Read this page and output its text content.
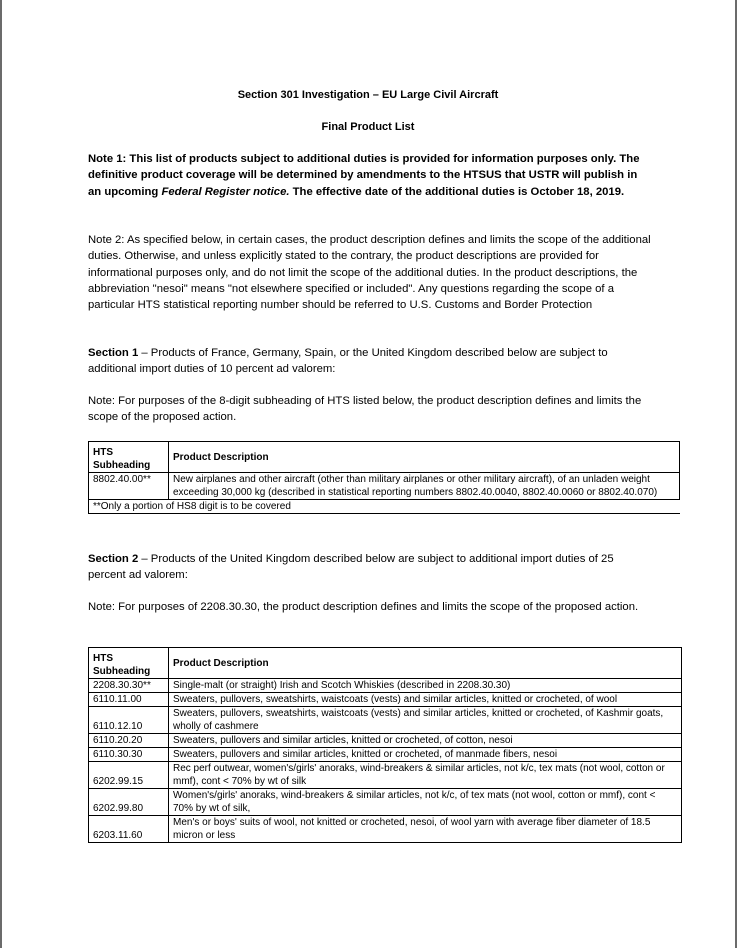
Section 301 Investigation – EU Large Civil Aircraft
Final Product List

Note 1: This list of products subject to additional duties is provided for information purposes only. The definitive product coverage will be determined by amendments to the HTSUS that USTR will publish in an upcoming Federal Register notice. The effective date of the additional duties is October 18, 2019.

Note 2: As specified below, in certain cases, the product description defines and limits the scope of the additional duties. Otherwise, and unless explicitly stated to the contrary, the product descriptions are provided for informational purposes only, and do not limit the scope of the additional duties. In the product descriptions, the abbreviation "nesoi" means "not elsewhere specified or included". Any questions regarding the scope of a particular HTS statistical reporting number should be referred to U.S. Customs and Border Protection

Section 1 – Products of France, Germany, Spain, or the United Kingdom described below are subject to additional import duties of 10 percent ad valorem:

Note: For purposes of the 8-digit subheading of HTS listed below, the product description defines and limits the scope of the proposed action.

HTS Subheading	Product Description
8802.40.00**	New airplanes and other aircraft (other than military airplanes or other military aircraft), of an unladen weight exceeding 30,000 kg (described in statistical reporting numbers 8802.40.0040, 8802.40.0060 or 8802.40.070)
**Only a portion of HS8 digit is to be covered	

Section 2 – Products of the United Kingdom described below are subject to additional import duties of 25 percent ad valorem:

Note: For purposes of 2208.30.30, the product description defines and limits the scope of the proposed action.

HTS Subheading	Product Description
2208.30.30**	Single-malt (or straight) Irish and Scotch Whiskies (described in 2208.30.30)
6110.11.00	Sweaters, pullovers, sweatshirts, waistcoats (vests) and similar articles, knitted or crocheted, of wool
6110.12.10	Sweaters, pullovers, sweatshirts, waistcoats (vests) and similar articles, knitted or crocheted, of Kashmir goats, wholly of cashmere
6110.20.20	Sweaters, pullovers and similar articles, knitted or crocheted, of cotton, nesoi
6110.30.30	Sweaters, pullovers and similar articles, knitted or crocheted, of manmade fibers, nesoi
6202.99.15	Rec perf outwear, women's/girls' anoraks, wind-breakers & similar articles, not k/c, tex mats (not wool, cotton or mmf), cont < 70% by wt of silk
6202.99.80	Women's/girls' anoraks, wind-breakers & similar articles, not k/c, of tex mats (not wool, cotton or mmf), cont < 70% by wt of silk,
6203.11.60	Men's or boys' suits of wool, not knitted or crocheted, nesoi, of wool yarn with average fiber diameter of 18.5 micron or less
